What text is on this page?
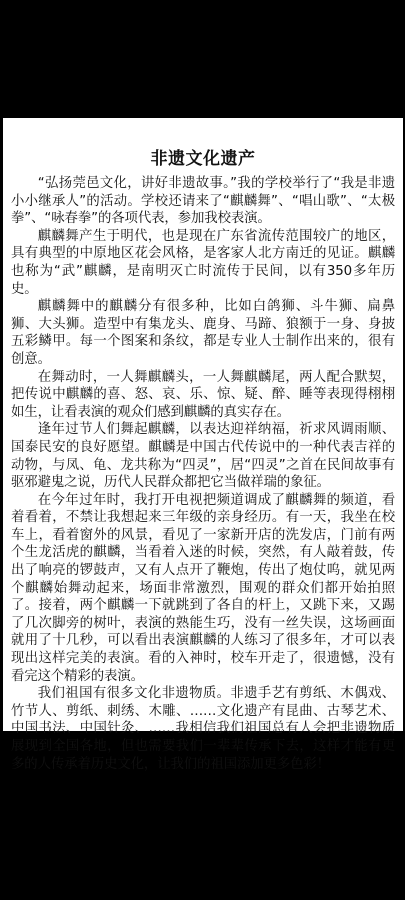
非遗文化遗产

“弘扬莞邑文化，讲好非遗故事。”我的学校举行了“我是非遗小小继承人”的活动。学校还请来了“麒麟舞”、“唱山歌”、“太极拳”、“咏春拳”的各项代表，参加我校表演。

麒麟舞产生于明代，也是现在广东省流传范围较广的地区，具有典型的中原地区花会风格，是客家人北方南迁的见证。麒麟也称为“武”麒麟，是南明灭亡时流传于民间，以有350多年历史。

麒麟舞中的麒麟分有很多种，比如白鸽狮、斗牛狮、扁鼻狮、大头狮。造型中有集龙头、鹿身、马蹄、狼额于一身、身披五彩鳞甲。每一个图案和条纹，都是专业人士制作出来的，很有创意。

在舞动时，一人舞麒麟头，一人舞麒麟尾，两人配合默契，把传说中麒麟的喜、怒、哀、乐、惊、疑、醉、睡等表现得栩栩如生，让看表演的观众们感到麒麟的真实存在。

逢年过节人们舞起麒麟，以表达迎祥纳福，祈求风调雨顺、国泰民安的良好愿望。麒麟是中国古代传说中的一种代表吉祥的动物，与凤、龟、龙共称为“四灵”，居“四灵”之首在民间故事有驱邪避鬼之说，历代人民群众都把它当做祥瑞的象征。

在今年过年时，我打开电视把频道调成了麒麟舞的频道，看着看着，不禁让我想起来三年级的亲身经历。有一天，我坐在校车上，看着窗外的风景，看见了一家新开店的洗发店，门前有两个生龙活虎的麒麟，当看着入迷的时候，突然，有人敲着鼓，传出了响亮的锣鼓声，又有人点开了鞭炮，传出了炮仗呜，就见两个麒麟始舞动起来，场面非常激烈，围观的群众们都开始拍照了。接着，两个麒麟一下就跳到了各自的杆上，又跳下来，又踢了几次脚旁的树叶，表演的熟能生巧，没有一丝失误，这场画面就用了十几秒，可以看出表演麒麟的人练习了很多年，才可以表现出这样完美的表演。看的入神时，校车开走了，很遗憾，没有看完这个精彩的表演。

我们祖国有很多文化非遗物质。非遗手艺有剪纸、木偶戏、竹节人、剪纸、刺绣、木雕、……文化遗产有昆曲、古琴艺术、中国书法、中国针灸、……我相信我们祖国总有人会把非遗物质展现到全国各地，但也需要我们一辈辈传承下去，这样才能有更多的人传承着历史文化，让我们的祖国添加更多色彩！
